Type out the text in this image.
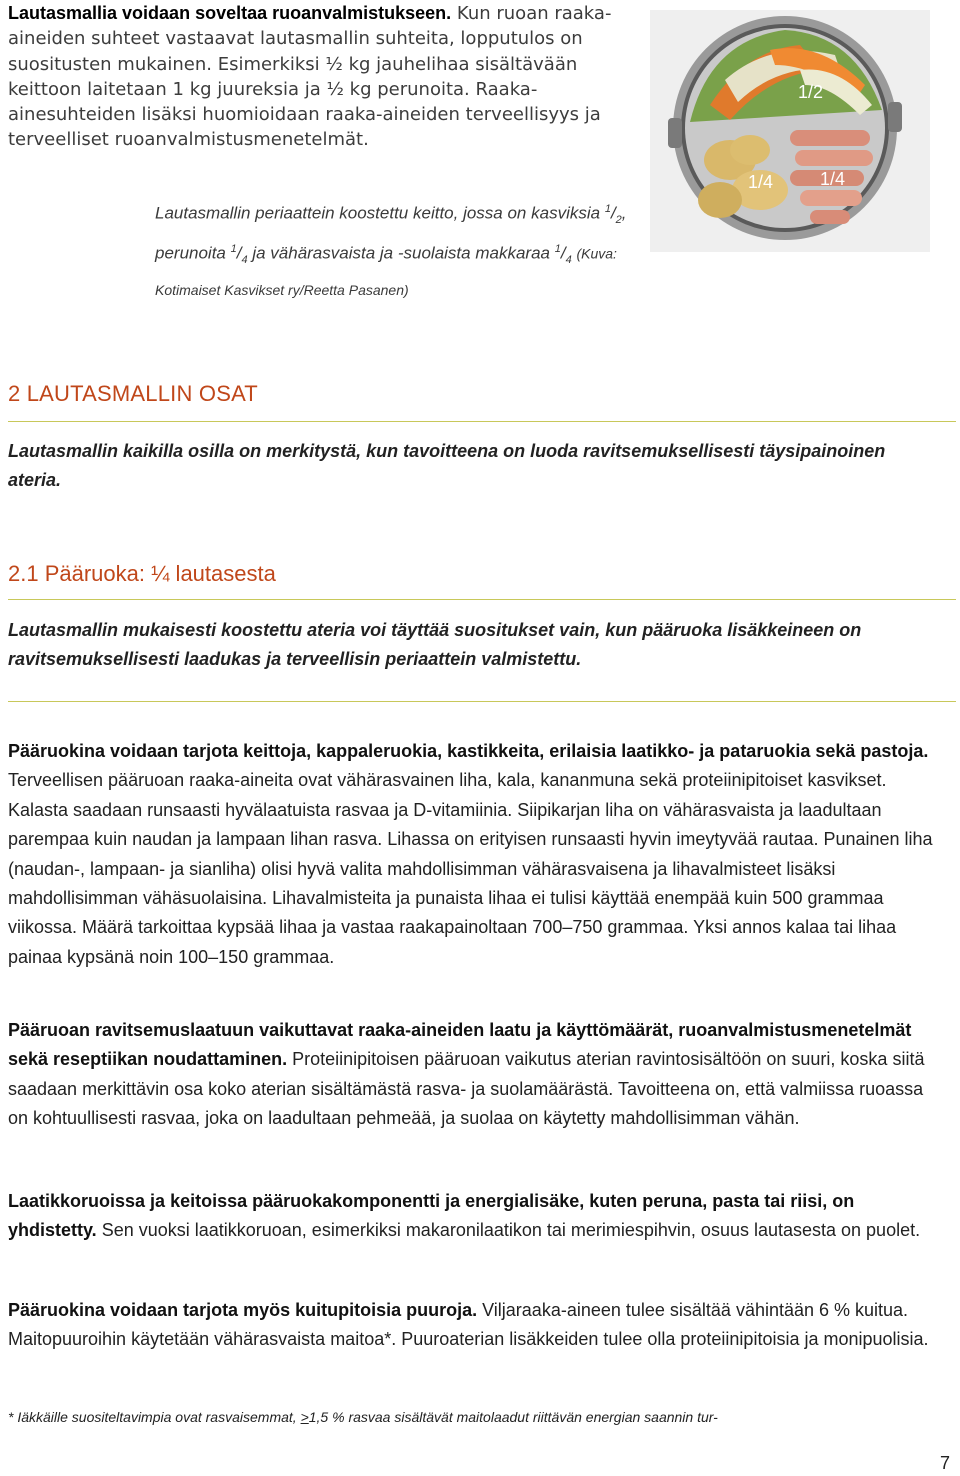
Lautasmallia voidaan soveltaa ruoanvalmistukseen. Kun ruoan raaka-aineiden suhteet vastaavat lautasmallin suhteita, lopputulos on suositusten mukainen. Esimerkiksi ½ kg jauhelihaa sisältävään keittoon laitetaan 1 kg juureksia ja ½ kg perunoita. Raaka-ainesuhteiden lisäksi huomioidaan raaka-aineiden terveellisyys ja terveelliset ruoanvalmistusmenetelmät.
1/2
1/4	1/4
Lautasmallin periaattein koostettu keitto, jossa on kasviksia $^1/_2$, perunoita $^1/_4$ ja vähärasvaista ja -suolaista makkaraa $^1/_4$ (Kuva: Kotimaiset Kasvikset ry/Reetta Pasanen)
2 LAUTASMALLIN OSAT
Lautasmallin kaikilla osilla on merkitystä, kun tavoitteena on luoda ravitsemuksellisesti täysipainoinen ateria.
2.1 Pääruoka: ¼ lautasesta
Lautasmallin mukaisesti koostettu ateria voi täyttää suositukset vain, kun pääruoka lisäkkeineen on ravitsemuksellisesti laadukas ja terveellisin periaattein valmistettu.
Pääruokina voidaan tarjota keittoja, kappaleruokia, kastikkeita, erilaisia laatikko- ja pataruokia sekä pastoja. Terveellisen pääruoan raaka-aineita ovat vähärasvainen liha, kala, kananmuna sekä proteiinipitoiset kasvikset. Kalasta saadaan runsaasti hyvälaatuista rasvaa ja D-vitamiinia. Siipikarjan liha on vähärasvaista ja laadultaan parempaa kuin naudan ja lampaan lihan rasva. Lihassa on erityisen runsaasti hyvin imeytyvää rautaa. Punainen liha (naudan-, lampaan- ja sianliha) olisi hyvä valita mahdollisimman vähärasvaisena ja lihavalmisteet lisäksi mahdollisimman vähäsuolaisina. Lihavalmisteita ja punaista lihaa ei tulisi käyttää enempää kuin 500 grammaa viikossa. Määrä tarkoittaa kypsää lihaa ja vastaa raakapainoltaan 700–750 grammaa. Yksi annos kalaa tai lihaa painaa kypsänä noin 100–150 grammaa.
Pääruoan ravitsemuslaatuun vaikuttavat raaka-aineiden laatu ja käyttömäärät, ruoanvalmistusmenetelmät sekä reseptiikan noudattaminen. Proteiinipitoisen pääruoan vaikutus aterian ravintosisältöön on suuri, koska siitä saadaan merkittävin osa koko aterian sisältämästä rasva- ja suolamäärästä. Tavoitteena on, että valmiissa ruoassa on kohtuullisesti rasvaa, joka on laadultaan pehmeää, ja suolaa on käytetty mahdollisimman vähän.
Laatikkoruoissa ja keitoissa pääruokakomponentti ja energialisäke, kuten peruna, pasta tai riisi, on yhdistetty. Sen vuoksi laatikkoruoan, esimerkiksi makaronilaatikon tai merimiespihvin, osuus lautasesta on puolet.
Pääruokina voidaan tarjota myös kuitupitoisia puuroja. Viljaraaka-aineen tulee sisältää vähintään 6 % kuitua. Maitopuuroihin käytetään vähärasvaista maitoa*. Puuroaterian lisäkkeiden tulee olla proteiinipitoisia ja monipuolisia.
* Iäkkäille suositeltavimpia ovat rasvaisemmat, >1,5 % rasvaa sisältävät maitolaadut riittävän energian saannin tur-
7
